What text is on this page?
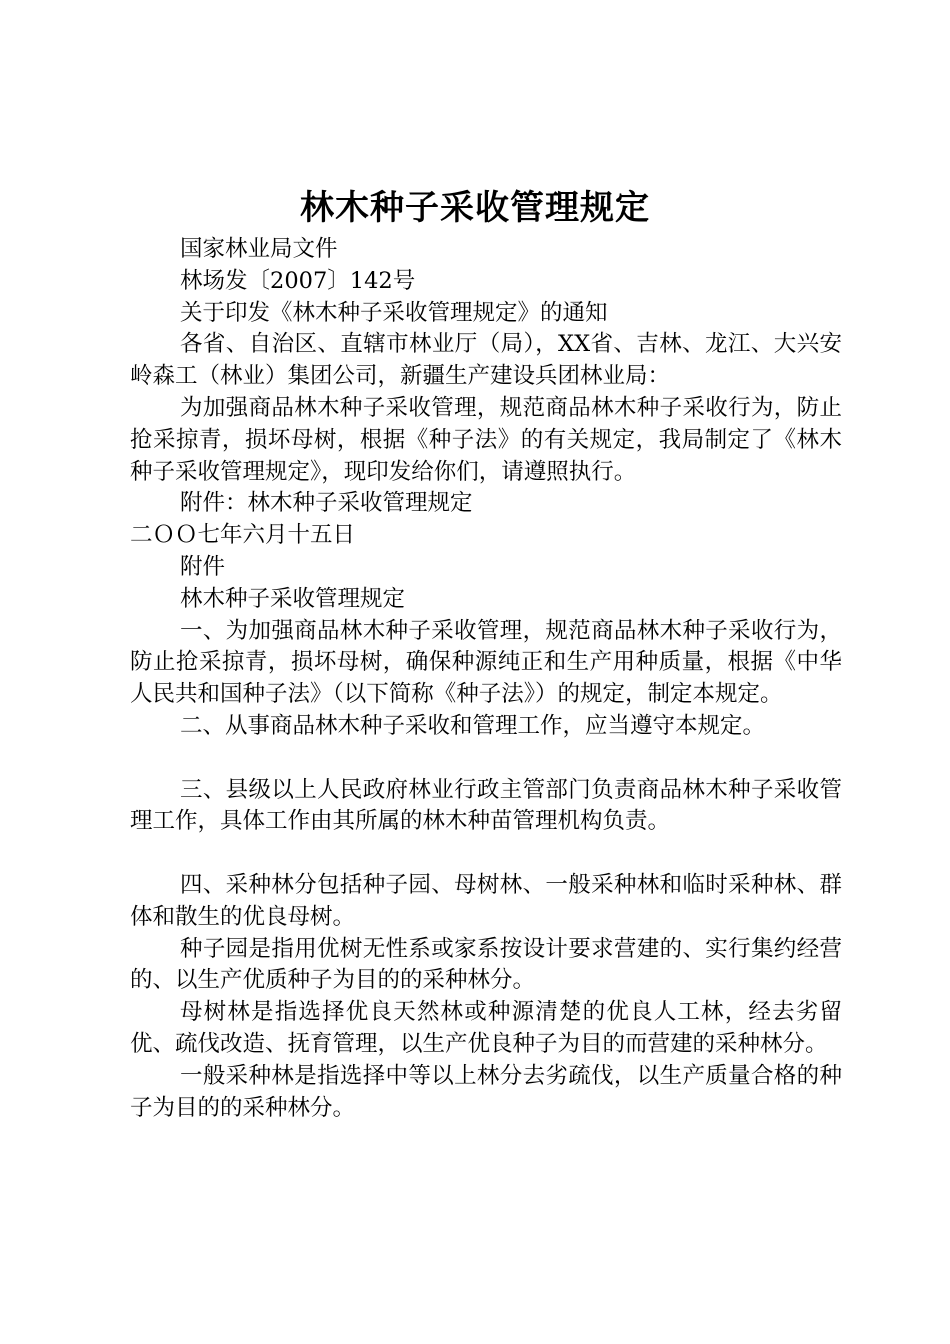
林木种子采收管理规定

国家林业局文件

林场发〔2007〕142号

关于印发《林木种子采收管理规定》的通知

各省、自治区、直辖市林业厅（局），XX省、吉林、龙江、大兴安岭森工（林业）集团公司，新疆生产建设兵团林业局：

为加强商品林木种子采收管理，规范商品林木种子采收行为，防止抢采掠青，损坏母树，根据《种子法》的有关规定，我局制定了《林木种子采收管理规定》，现印发给你们，请遵照执行。

附件：林木种子采收管理规定

二ＯＯ七年六月十五日

附件

林木种子采收管理规定

一、为加强商品林木种子采收管理，规范商品林木种子采收行为，防止抢采掠青，损坏母树，确保种源纯正和生产用种质量，根据《中华人民共和国种子法》（以下简称《种子法》）的规定，制定本规定。

二、从事商品林木种子采收和管理工作，应当遵守本规定。

三、县级以上人民政府林业行政主管部门负责商品林木种子采收管理工作，具体工作由其所属的林木种苗管理机构负责。

四、采种林分包括种子园、母树林、一般采种林和临时采种林、群体和散生的优良母树。

种子园是指用优树无性系或家系按设计要求营建的、实行集约经营的、以生产优质种子为目的的采种林分。

母树林是指选择优良天然林或种源清楚的优良人工林，经去劣留优、疏伐改造、抚育管理，以生产优良种子为目的而营建的采种林分。

一般采种林是指选择中等以上林分去劣疏伐，以生产质量合格的种子为目的的采种林分。
